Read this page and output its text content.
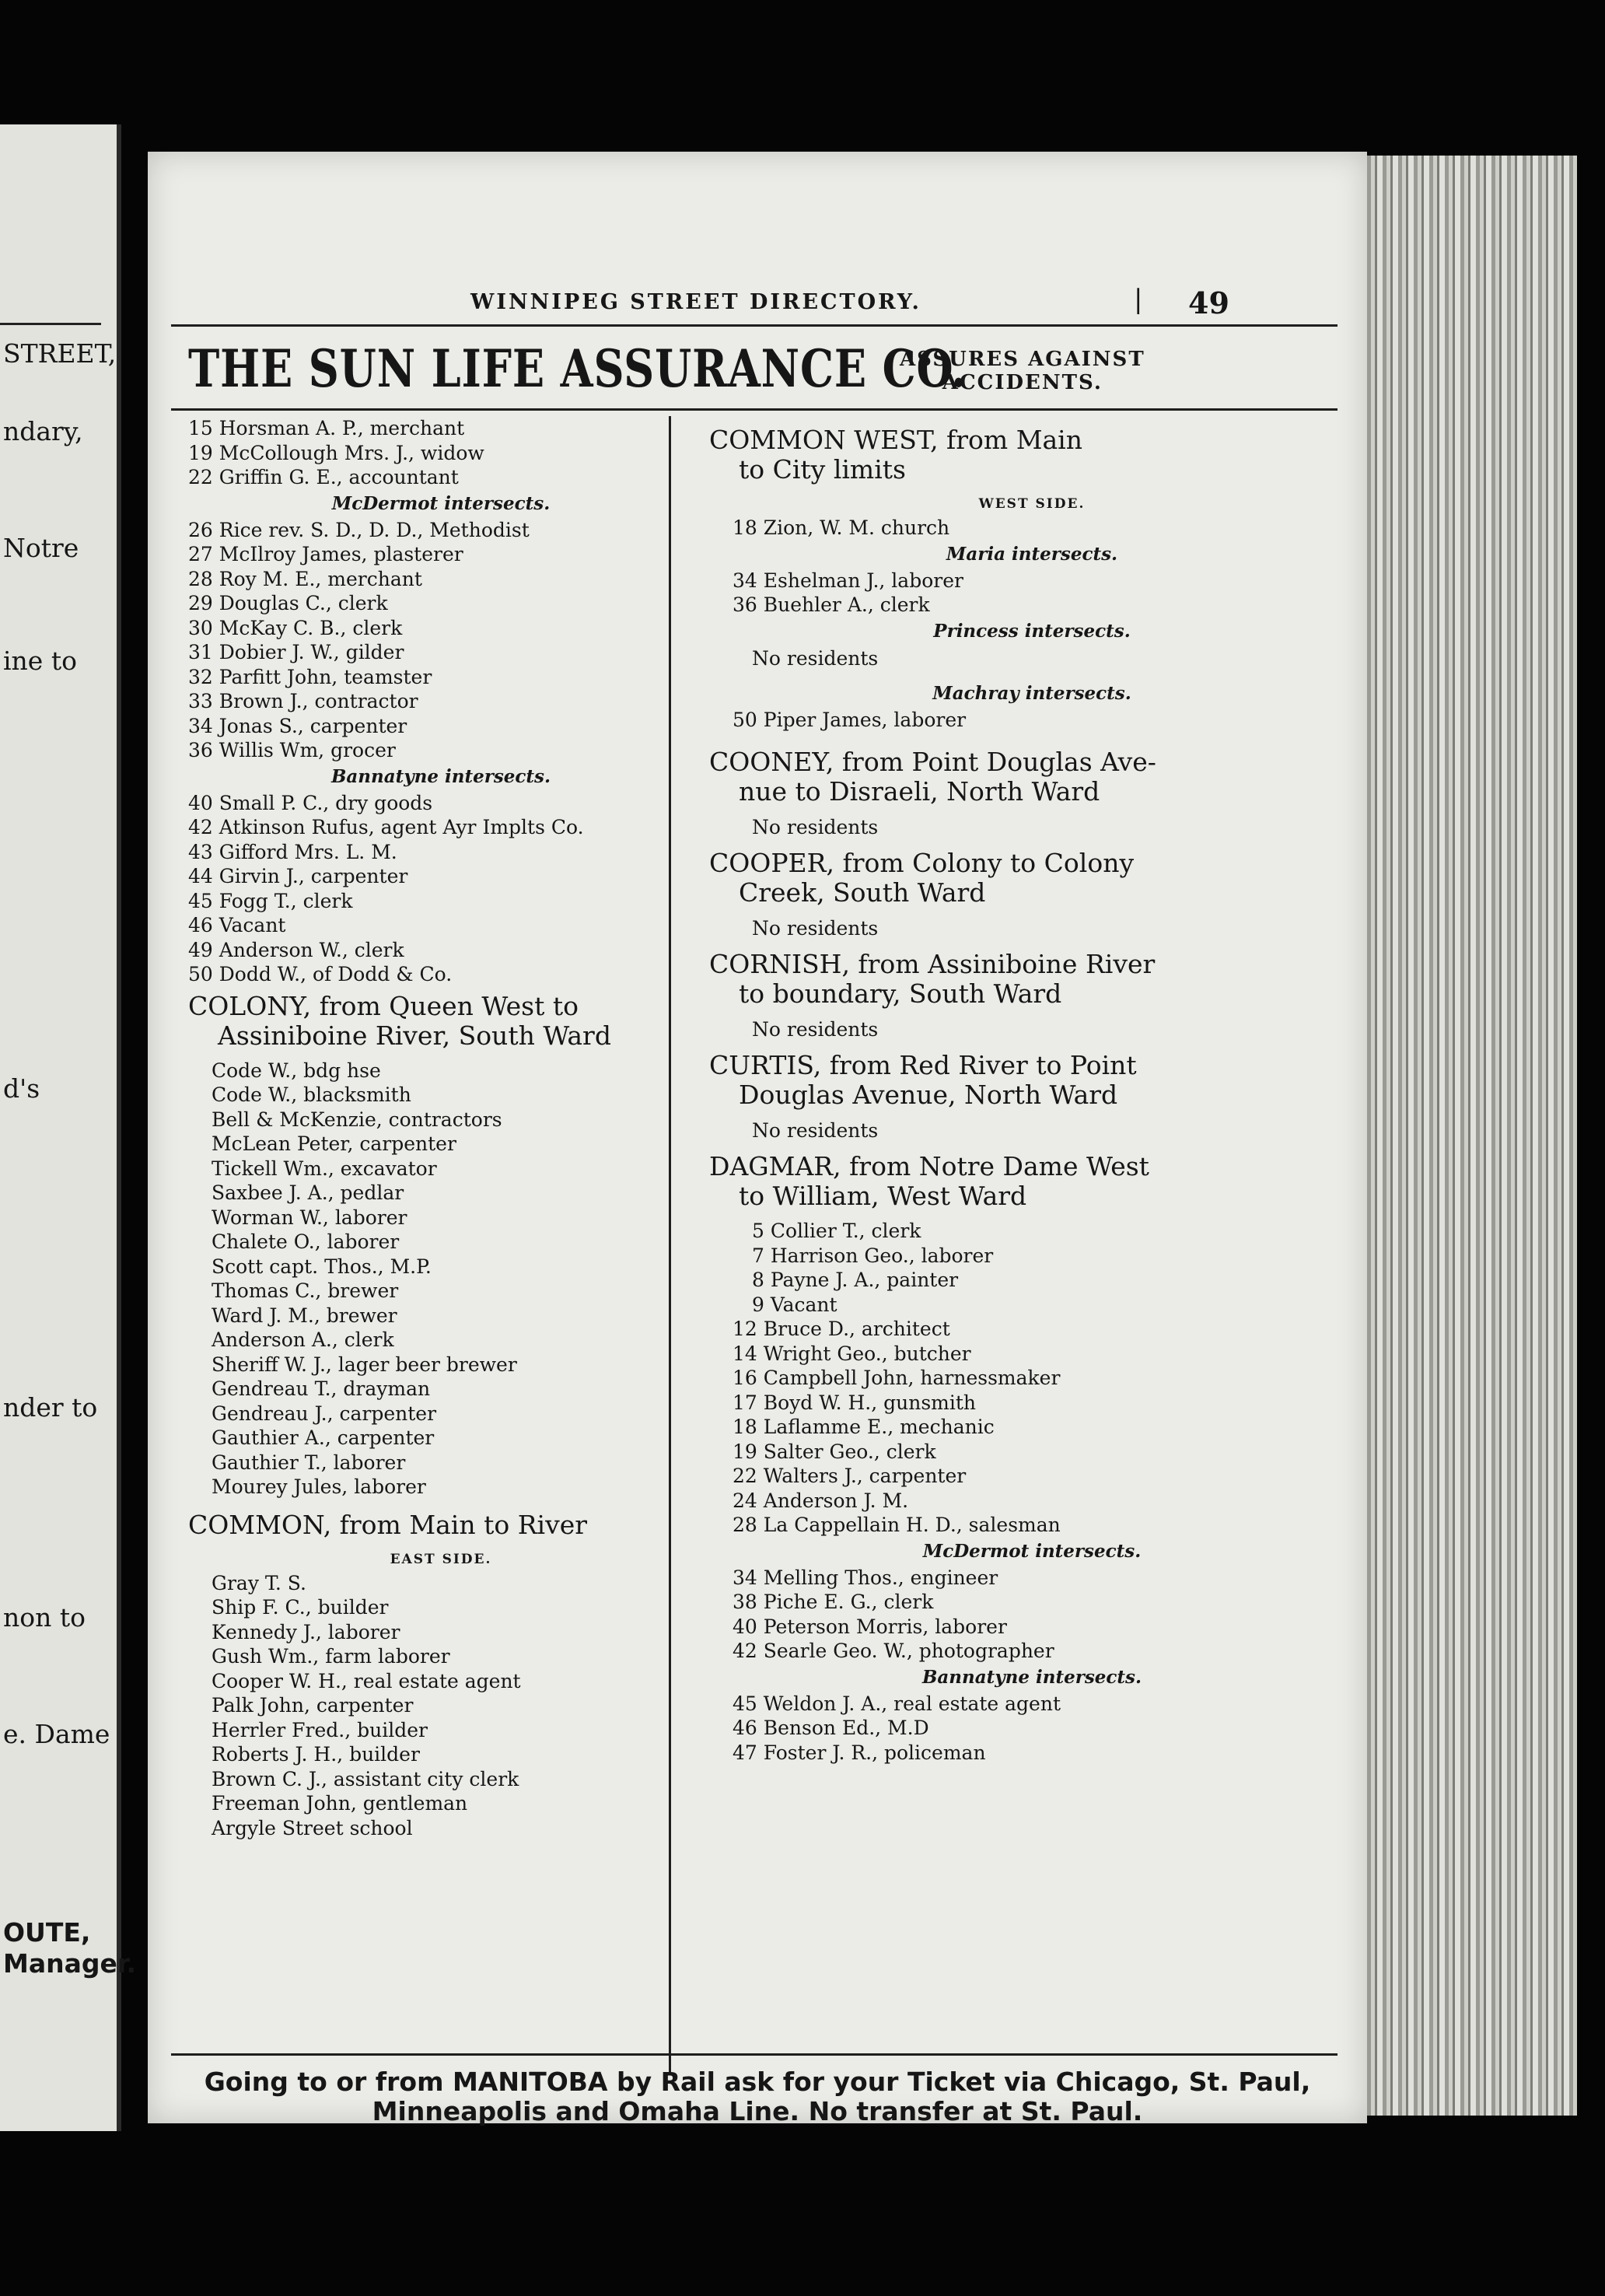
STREET,
ndary,
Notre
ine to
d's
nder to
non to
e. Dame
OUTE,
Manager.
WINNIPEG STREET DIRECTORY.	| 49
THE SUN LIFE ASSURANCE CO.
ASSURES AGAINST
ACCIDENTS.
15 Horsman A. P., merchant
19 McCollough Mrs. J., widow
22 Griffin G. E., accountant
McDermot intersects.
26 Rice rev. S. D., D. D., Methodist
27 McIlroy James, plasterer
28 Roy M. E., merchant
29 Douglas C., clerk
30 McKay C. B., clerk
31 Dobier J. W., gilder
32 Parfitt John, teamster
33 Brown J., contractor
34 Jonas S., carpenter
36 Willis Wm, grocer
Bannatyne intersects.
40 Small P. C., dry goods
42 Atkinson Rufus, agent Ayr Implts Co.
43 Gifford Mrs. L. M.
44 Girvin J., carpenter
45 Fogg T., clerk
46 Vacant
49 Anderson W., clerk
50 Dodd W., of Dodd & Co.
COLONY, from Queen West to
Assiniboine River, South Ward
Code W., bdg hse
Code W., blacksmith
Bell & McKenzie, contractors
McLean Peter, carpenter
Tickell Wm., excavator
Saxbee J. A., pedlar
Worman W., laborer
Chalete O., laborer
Scott capt. Thos., M.P.
Thomas C., brewer
Ward J. M., brewer
Anderson A., clerk
Sheriff W. J., lager beer brewer
Gendreau T., drayman
Gendreau J., carpenter
Gauthier A., carpenter
Gauthier T., laborer
Mourey Jules, laborer
COMMON, from Main to River
EAST SIDE.
Gray T. S.
Ship F. C., builder
Kennedy J., laborer
Gush Wm., farm laborer
Cooper W. H., real estate agent
Palk John, carpenter
Herrler Fred., builder
Roberts J. H., builder
Brown C. J., assistant city clerk
Freeman John, gentleman
Argyle Street school
COMMON WEST, from Main
to City limits
WEST SIDE.
18 Zion, W. M. church
Maria intersects.
34 Eshelman J., laborer
36 Buehler A., clerk
Princess intersects.
No residents
Machray intersects.
50 Piper James, laborer
COONEY, from Point Douglas Ave-
nue to Disraeli, North Ward
No residents
COOPER, from Colony to Colony
Creek, South Ward
No residents
CORNISH, from Assiniboine River
to boundary, South Ward
No residents
CURTIS, from Red River to Point
Douglas Avenue, North Ward
No residents
DAGMAR, from Notre Dame West
to William, West Ward
5 Collier T., clerk
7 Harrison Geo., laborer
8 Payne J. A., painter
9 Vacant
12 Bruce D., architect
14 Wright Geo., butcher
16 Campbell John, harnessmaker
17 Boyd W. H., gunsmith
18 Laflamme E., mechanic
19 Salter Geo., clerk
22 Walters J., carpenter
24 Anderson J. M.
28 La Cappellain H. D., salesman
McDermot intersects.
34 Melling Thos., engineer
38 Piche E. G., clerk
40 Peterson Morris, laborer
42 Searle Geo. W., photographer
Bannatyne intersects.
45 Weldon J. A., real estate agent
46 Benson Ed., M.D
47 Foster J. R., policeman
Going to or from MANITOBA by Rail ask for your Ticket via Chicago, St. Paul,
Minneapolis and Omaha Line. No transfer at St. Paul.
